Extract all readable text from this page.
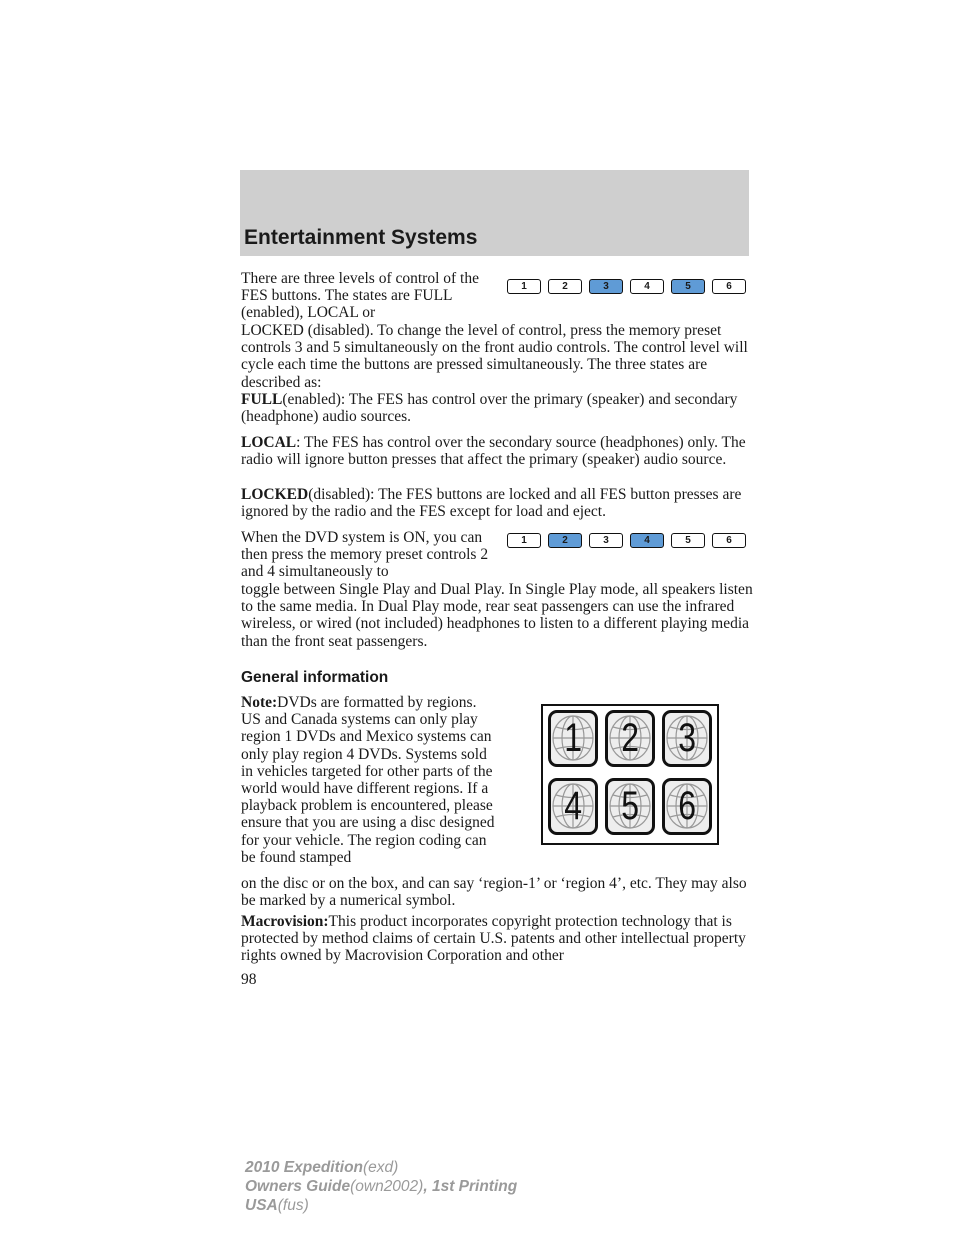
Entertainment Systems
1	2	3	4	5	6

There are three levels of control of the FES buttons. The states are FULL (enabled), LOCAL or

LOCKED (disabled). To change the level of control, press the memory preset controls 3 and 5 simultaneously on the front audio controls. The control level will cycle each time the buttons are pressed simultaneously. The three states are described as:

FULL(enabled): The FES has control over the primary (speaker) and secondary (headphone) audio sources.

LOCAL: The FES has control over the secondary source (headphones) only. The radio will ignore button presses that affect the primary (speaker) audio source.

LOCKED(disabled): The FES buttons are locked and all FES button presses are ignored by the radio and the FES except for load and eject.

1	2	3	4	5	6

When the DVD system is ON, you can then press the memory preset controls 2 and 4 simultaneously to

toggle between Single Play and Dual Play. In Single Play mode, all speakers listen to the same media. In Dual Play mode, rear seat passengers can use the infrared wireless, or wired (not included) headphones to listen to a different playing media than the front seat passengers.

General information

Note:DVDs are formatted by regions. US and Canada systems can only play region 1 DVDs and Mexico systems can only play region 4 DVDs. Systems sold in vehicles targeted for other parts of the world would have different regions. If a playback problem is encountered, please ensure that you are using a disc designed for your vehicle. The region coding can be found stamped

on the disc or on the box, and can say ‘region-1’ or ‘region 4’, etc. They may also be marked by a numerical symbol.

Macrovision:This product incorporates copyright protection technology that is protected by method claims of certain U.S. patents and other intellectual property rights owned by Macrovision Corporation and other

1 2 3
4 5 6
98
2010 Expedition(exd)
Owners Guide(own2002), 1st Printing
USA(fus)
